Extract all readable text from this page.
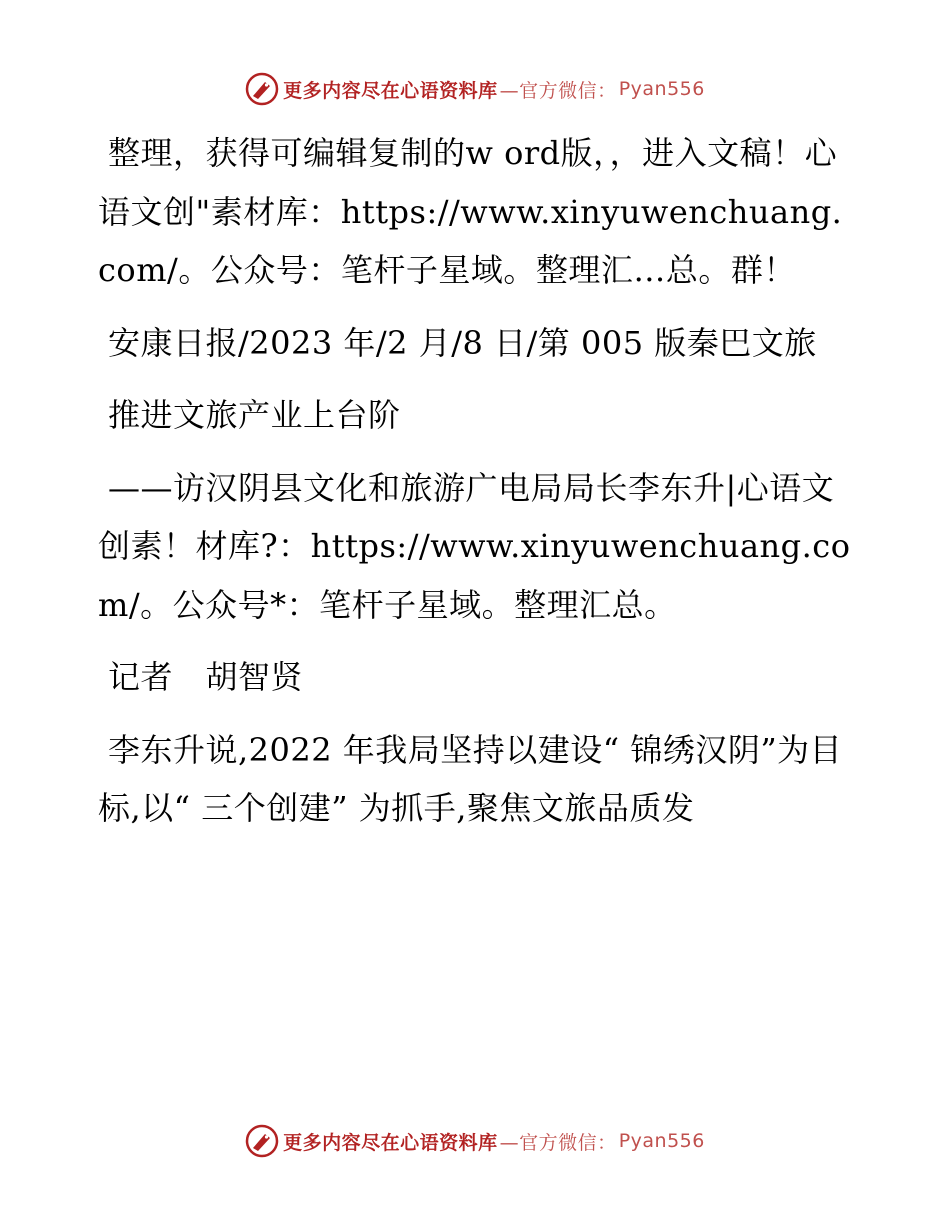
更多内容尽在心语资料库 —官方微信： Pyan556

整理，获得可编辑复制的w ord版，，进入文稿！心语文创"素材库：https://www.xinyuwenchuang.com/。公众号：笔杆子星域。整理汇…总。群！

安康日报/2023 年/2 月/8 日/第 005 版秦巴文旅

推进文旅产业上台阶

——访汉阴县文化和旅游广电局局长李东升|心语文创素！材库?：https://www.xinyuwenchuang.com/。公众号*：笔杆子星域。整理汇总。

记者　胡智贤

李东升说,2022 年我局坚持以建设“ 锦绣汉阴”为目标,以“ 三个创建” 为抓手,聚焦文旅品质发

更多内容尽在心语资料库 —官方微信： Pyan556
